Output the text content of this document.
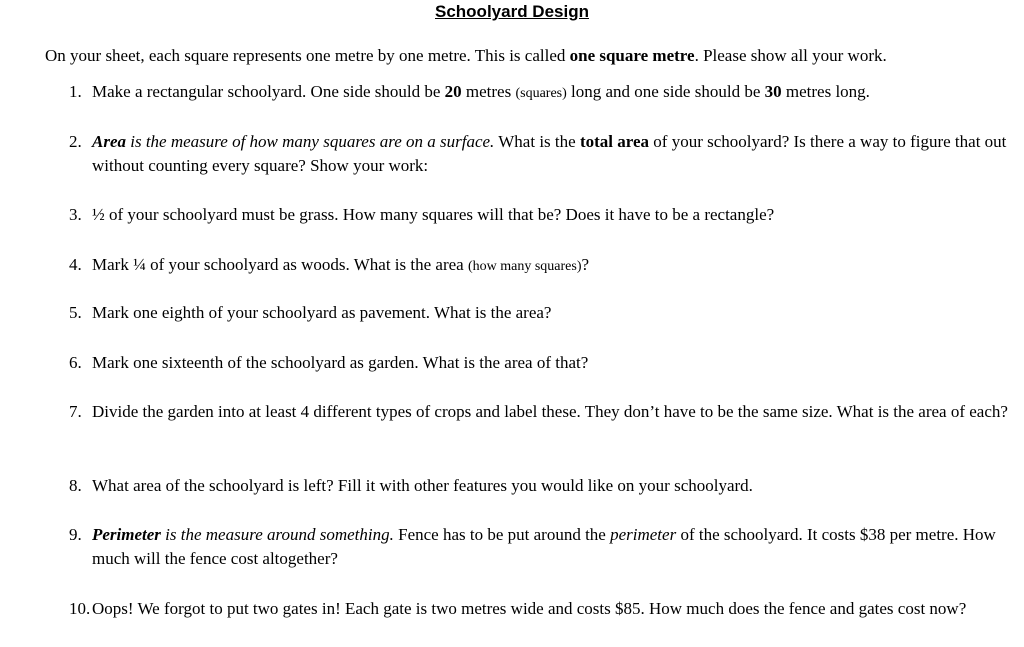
Schoolyard Design

On your sheet, each square represents one metre by one metre. This is called one square metre. Please show all your work.

1. Make a rectangular schoolyard. One side should be 20 metres (squares) long and one side should be 30 metres long.
2. Area is the measure of how many squares are on a surface. What is the total area of your schoolyard? Is there a way to figure that out without counting every square? Show your work:
3. ½ of your schoolyard must be grass. How many squares will that be? Does it have to be a rectangle?
4. Mark ¼ of your schoolyard as woods. What is the area (how many squares)?
5. Mark one eighth of your schoolyard as pavement. What is the area?
6. Mark one sixteenth of the schoolyard as garden. What is the area of that?
7. Divide the garden into at least 4 different types of crops and label these. They don’t have to be the same size. What is the area of each?
8. What area of the schoolyard is left? Fill it with other features you would like on your schoolyard.
9. Perimeter is the measure around something. Fence has to be put around the perimeter of the schoolyard. It costs $38 per metre. How much will the fence cost altogether?
10. Oops! We forgot to put two gates in! Each gate is two metres wide and costs $85. How much does the fence and gates cost now?
